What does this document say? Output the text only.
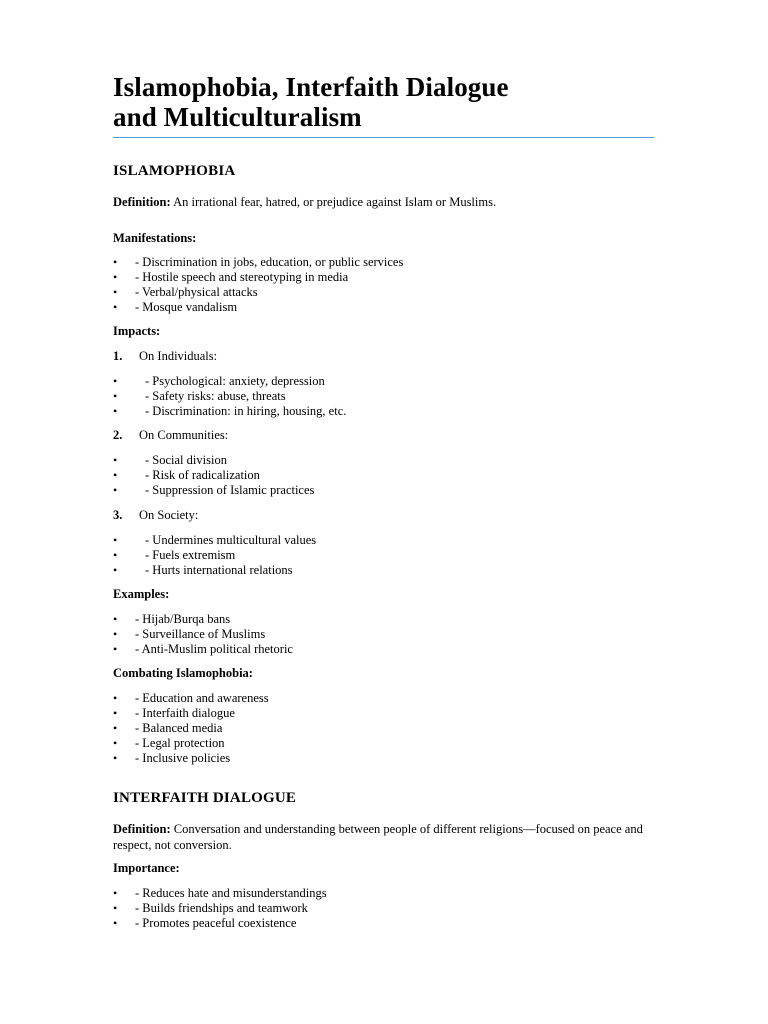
Islamophobia, Interfaith Dialogue
and Multiculturalism
ISLAMOPHOBIA
Definition: An irrational fear, hatred, or prejudice against Islam or Muslims.
Manifestations:
• - Discrimination in jobs, education, or public services
• - Hostile speech and stereotyping in media
• - Verbal/physical attacks
• - Mosque vandalism
Impacts:
1. On Individuals:
• - Psychological: anxiety, depression
• - Safety risks: abuse, threats
• - Discrimination: in hiring, housing, etc.
2. On Communities:
• - Social division
• - Risk of radicalization
• - Suppression of Islamic practices
3. On Society:
• - Undermines multicultural values
• - Fuels extremism
• - Hurts international relations
Examples:
• - Hijab/Burqa bans
• - Surveillance of Muslims
• - Anti-Muslim political rhetoric
Combating Islamophobia:
• - Education and awareness
• - Interfaith dialogue
• - Balanced media
• - Legal protection
• - Inclusive policies
INTERFAITH DIALOGUE
Definition: Conversation and understanding between people of different religions—focused on peace and respect, not conversion.
Importance:
• - Reduces hate and misunderstandings
• - Builds friendships and teamwork
• - Promotes peaceful coexistence
